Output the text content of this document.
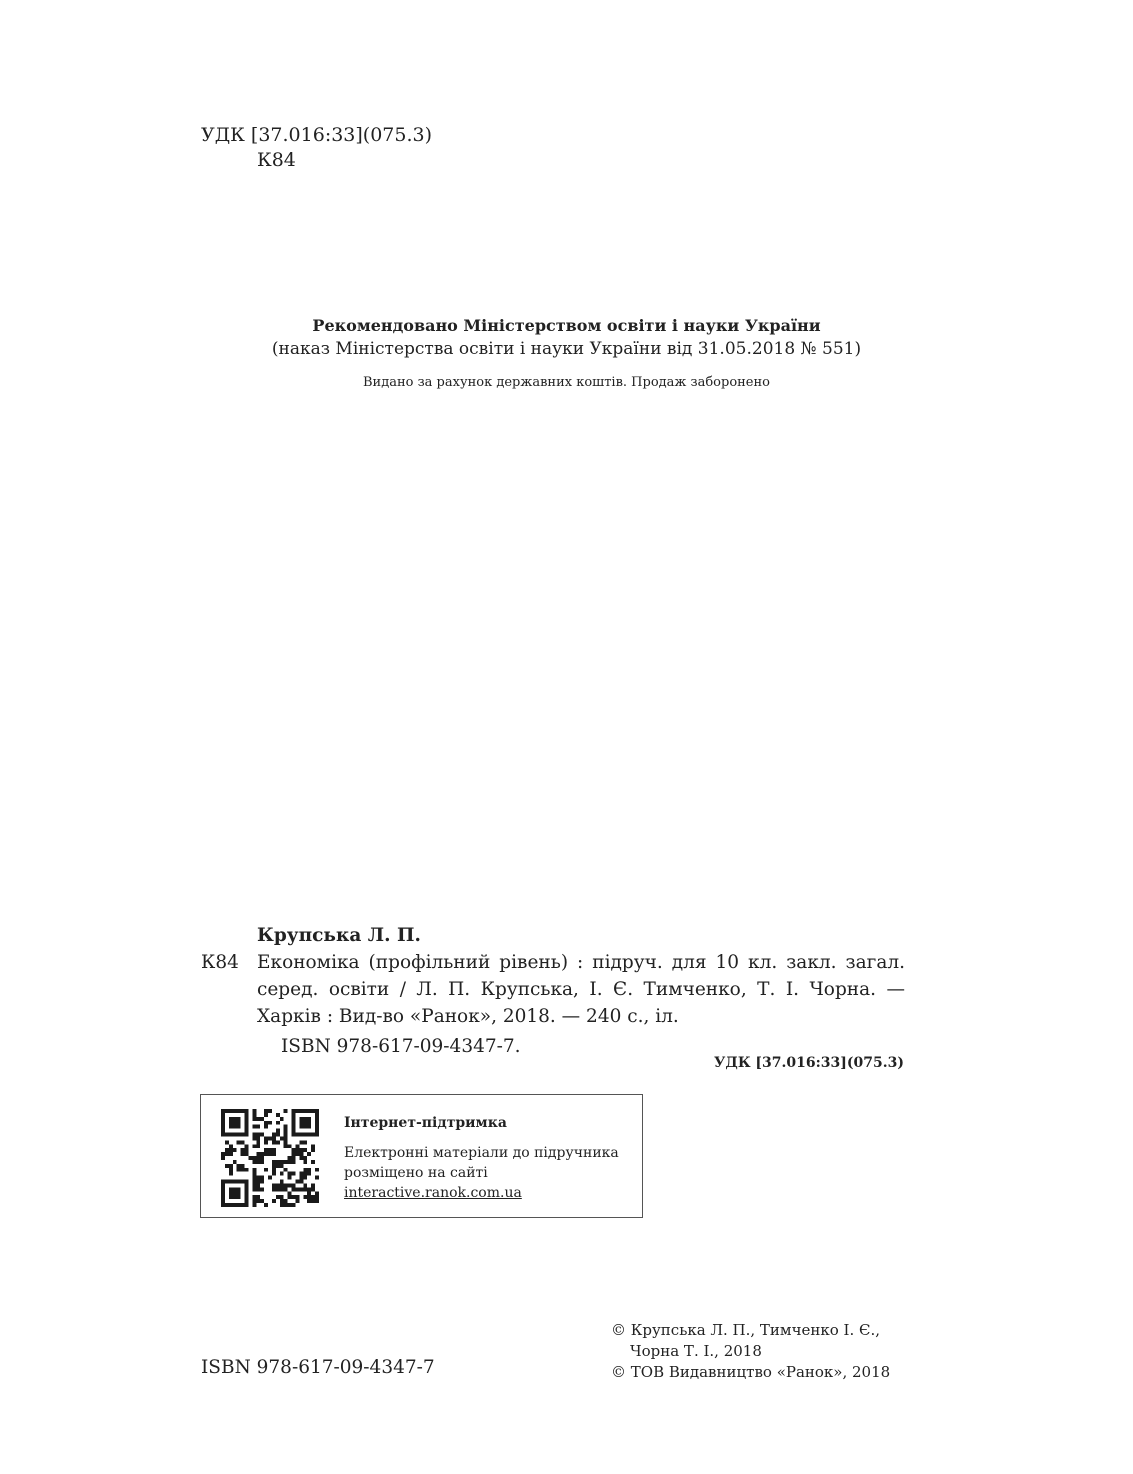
УДК [37.016:33](075.3)
К84
Рекомендовано Міністерством освіти і науки України
(наказ Міністерства освіти і науки України від 31.05.2018 № 551)
Видано за рахунок державних коштів. Продаж заборонено
Крупська Л. П.
К84 Економіка (профільний рівень) : підруч. для 10 кл. закл. загал. серед. освіти / Л. П. Крупська, І. Є. Тимченко, Т. І. Чорна. — Харків : Вид-во «Ранок», 2018. — 240 с., іл.
ISBN 978-617-09-4347-7.
УДК [37.016:33](075.3)
Інтернет-підтримка
Електронні матеріали до підручника
розміщено на сайті
interactive.ranok.com.ua
ISBN 978-617-09-4347-7
© Крупська Л. П., Тимченко І. Є.,
Чорна Т. І., 2018
© ТОВ Видавництво «Ранок», 2018
